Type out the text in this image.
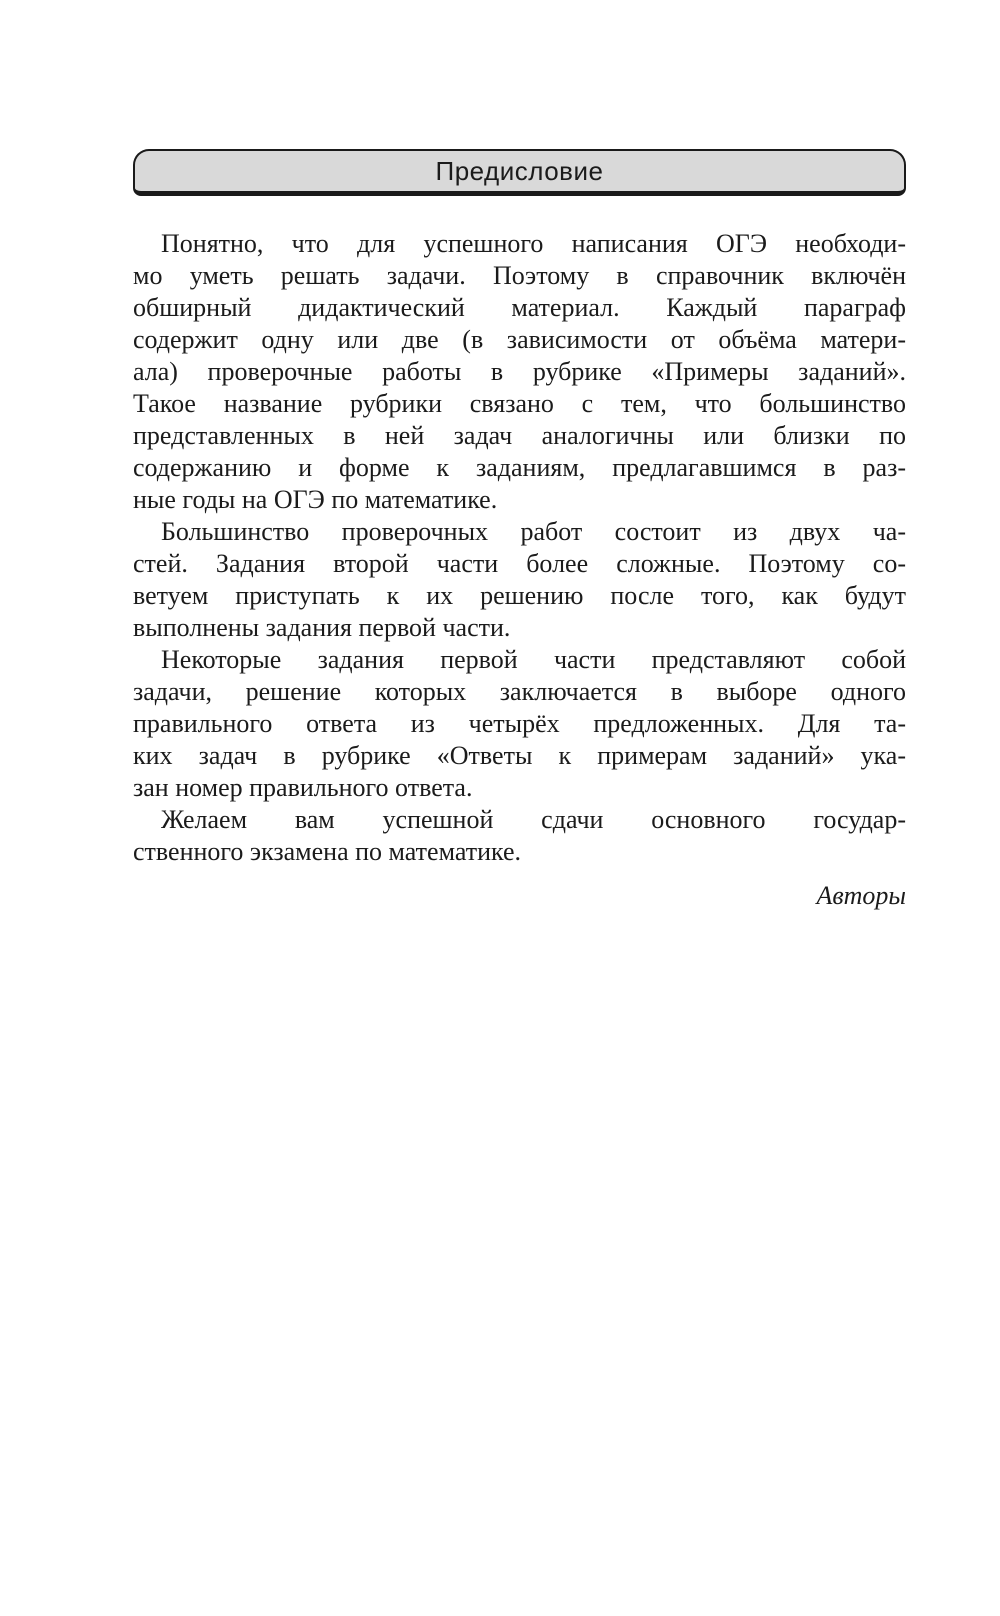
Предисловие
Понятно, что для успешного написания ОГЭ необходи-
мо уметь решать задачи. Поэтому в справочник включён
обширный дидактический материал. Каждый параграф
содержит одну или две (в зависимости от объёма матери-
ала) проверочные работы в рубрике «Примеры заданий».
Такое название рубрики связано с тем, что большинство
представленных в ней задач аналогичны или близки по
содержанию и форме к заданиям, предлагавшимся в раз-
ные годы на ОГЭ по математике.
Большинство проверочных работ состоит из двух ча-
стей. Задания второй части более сложные. Поэтому со-
ветуем приступать к их решению после того, как будут
выполнены задания первой части.
Некоторые задания первой части представляют собой
задачи, решение которых заключается в выборе одного
правильного ответа из четырёх предложенных. Для та-
ких задач в рубрике «Ответы к примерам заданий» ука-
зан номер правильного ответа.
Желаем вам успешной сдачи основного государ-
ственного экзамена по математике.
Авторы
